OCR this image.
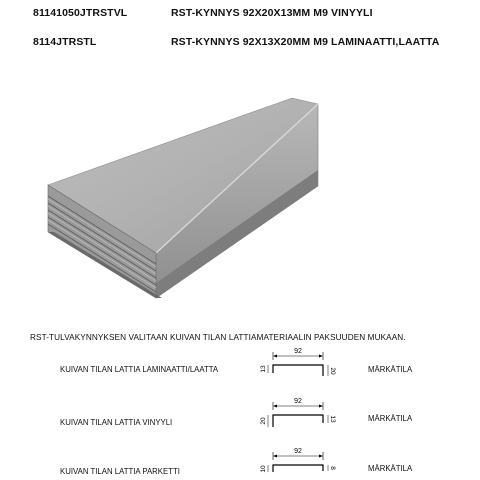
81141050JTRSTVL	RST-KYNNYS 92X20X13MM M9 VINYYLI
8114JTRSTL	RST-KYNNYS 92X13X20MM M9 LAMINAATTI,LAATTA
RST-TULVAKYNNYKSEN VALITAAN KUIVAN TILAN LATTIAMATERIAALIN PAKSUUDEN MUKAAN.
KUIVAN TILAN LATTIA LAMINAATTI/LAATTA	MÄRKÄTILA
KUIVAN TILAN LATTIA VINYYLI	MÄRKÄTILA
KUIVAN TILAN LATTIA PARKETTI	MÄRKÄTILA
92
13	20
92
20	13
92
10	8
